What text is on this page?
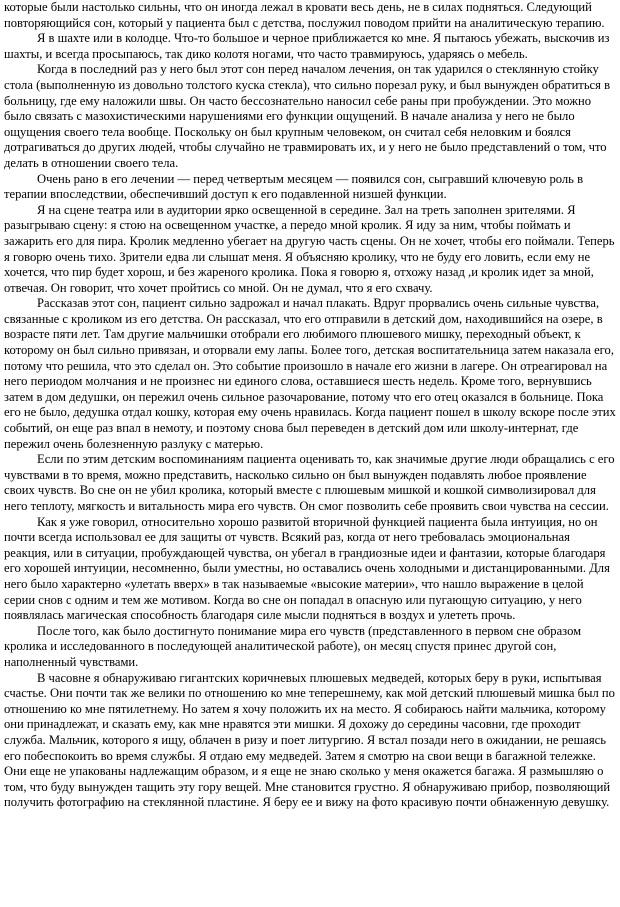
которые были настолько сильны, что он иногда лежал в кровати весь день, не в силах подняться. Следующий повторяющийся сон, который у пациента был с детства, послужил поводом прийти на аналитическую терапию.

Я в шахте или в колодце. Что-то большое и черное приближается ко мне. Я пытаюсь убежать, выскочив из шахты, и всегда просыпаюсь, так дико колотя ногами, что часто травмируюсь, ударяясь о мебель.

Когда в последний раз у него был этот сон перед началом лечения, он так ударился о стеклянную стойку стола (выполненную из довольно толстого куска стекла), что сильно порезал руку, и был вынужден обратиться в больницу, где ему наложили швы. Он часто бессознательно наносил себе раны при пробуждении. Это можно было связать с мазохистическими нарушениями его функции ощущений. В начале анализа у него не было ощущения своего тела вообще. Поскольку он был крупным человеком, он считал себя неловким и боялся дотрагиваться до других людей, чтобы случайно не травмировать их, и у него не было представлений о том, что делать в отношении своего тела.

Очень рано в его лечении — перед четвертым месяцем — появился сон, сыгравший ключевую роль в терапии впоследствии, обеспечивший доступ к его подавленной низшей функции.

Я на сцене театра или в аудитории ярко освещенной в середине. Зал на треть заполнен зрителями. Я разыгрываю сцену: я стою на освещенном участке, а передо мной кролик. Я иду за ним, чтобы поймать и зажарить его для пира. Кролик медленно убегает на другую часть сцены. Он не хочет, чтобы его поймали. Теперь я говорю очень тихо. Зрители едва ли слышат меня. Я объясняю кролику, что не буду его ловить, если ему не хочется, что пир будет хорош, и без жареного кролика. Пока я говорю я, отхожу назад ,и кролик идет за мной, отвечая. Он говорит, что хочет пройтись со мной. Он не думал, что я его схвачу.

Рассказав этот сон, пациент сильно задрожал и начал плакать. Вдруг прорвались очень сильные чувства, связанные с кроликом из его детства. Он рассказал, что его отправили в детский дом, находившийся на озере, в возрасте пяти лет. Там другие мальчишки отобрали его любимого плюшевого мишку, переходный объект, к которому он был сильно привязан, и оторвали ему лапы. Более того, детская воспитательница затем наказала его, потому что решила, что это сделал он. Это событие произошло в начале его жизни в лагере. Он отреагировал на него периодом молчания и не произнес ни единого слова, оставшиеся шесть недель. Кроме того, вернувшись затем в дом дедушки, он пережил очень сильное разочарование, потому что его отец оказался в больнице. Пока его не было, дедушка отдал кошку, которая ему очень нравилась. Когда пациент пошел в школу вскоре после этих событий, он еще раз впал в немоту, и поэтому снова был переведен в детский дом или школу-интернат, где пережил очень болезненную разлуку с матерью.

Если по этим детским воспоминаниям пациента оценивать то, как значимые другие люди обращались с его чувствами в то время, можно представить, насколько сильно он был вынужден подавлять любое проявление своих чувств. Во сне он не убил кролика, который вместе с плюшевым мишкой и кошкой символизировал для него теплоту, мягкость и витальность мира его чувств. Он смог позволить себе проявить свои чувства на сессии.

Как я уже говорил, относительно хорошо развитой вторичной функцией пациента была интуиция, но он почти всегда использовал ее для защиты от чувств. Всякий раз, когда от него требовалась эмоциональная реакция, или в ситуации, пробуждающей чувства, он убегал в грандиозные идеи и фантазии, которые благодаря его хорошей интуиции, несомненно, были уместны, но оставались очень холодными и дистанцированными. Для него было характерно «улетать вверх» в так называемые «высокие материи», что нашло выражение в целой серии снов с одним и тем же мотивом. Когда во сне он попадал в опасную или пугающую ситуацию, у него появлялась магическая способность благодаря силе мысли подняться в воздух и улететь прочь.

После того, как было достигнуто понимание мира его чувств (представленного в первом сне образом кролика и исследованного в последующей аналитической работе), он месяц спустя принес другой сон, наполненный чувствами.

В часовне я обнаруживаю гигантских коричневых плюшевых медведей, которых беру в руки, испытывая счастье. Они почти так же велики по отношению ко мне теперешнему, как мой детский плюшевый мишка был по отношению ко мне пятилетнему. Но затем я хочу положить их на место. Я собираюсь найти мальчика, которому они принадлежат, и сказать ему, как мне нравятся эти мишки. Я дохожу до середины часовни, где проходит служба. Мальчик, которого я ищу, облачен в ризу и поет литургию. Я встал позади него в ожидании, не решаясь его побеспокоить во время службы. Я отдаю ему медведей. Затем я смотрю на свои вещи в багажной тележке. Они еще не упакованы надлежащим образом, и я еще не знаю сколько у меня окажется багажа. Я размышляю о том, что буду вынужден тащить эту гору вещей. Мне становится грустно. Я обнаруживаю прибор, позволяющий получить фотографию на стеклянной пластине. Я беру ее и вижу на фото красивую почти обнаженную девушку.
